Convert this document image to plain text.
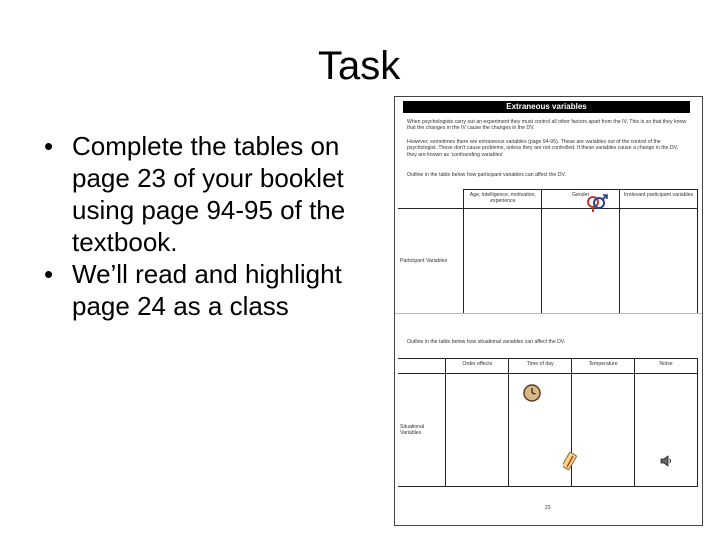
Task
• Complete the tables on page 23 of your booklet using page 94-95 of the textbook.
• We’ll read and highlight page 24 as a class
Extraneous variables
When psychologists carry out an experiment they must control all other factors apart from the IV. This is so that they know that the changes in the IV cause the changes in the DV.
However, sometimes there are extraneous variables (page 94-95). These are variables out of the control of the psychologist. These don’t cause problems, unless they are not controlled. If these variables cause a change in the DV, they are known as ‘confounding variables’
Outline in the table below how participant variables can affect the DV.
	Age, intelligence, motivation, experience	Gender	Irrelevant participant variables
Participant Variables			
Outline in the table below how situational variables can affect the DV.
	Order effects	Time of day	Temperature	Noise
Situational Variables				
23
